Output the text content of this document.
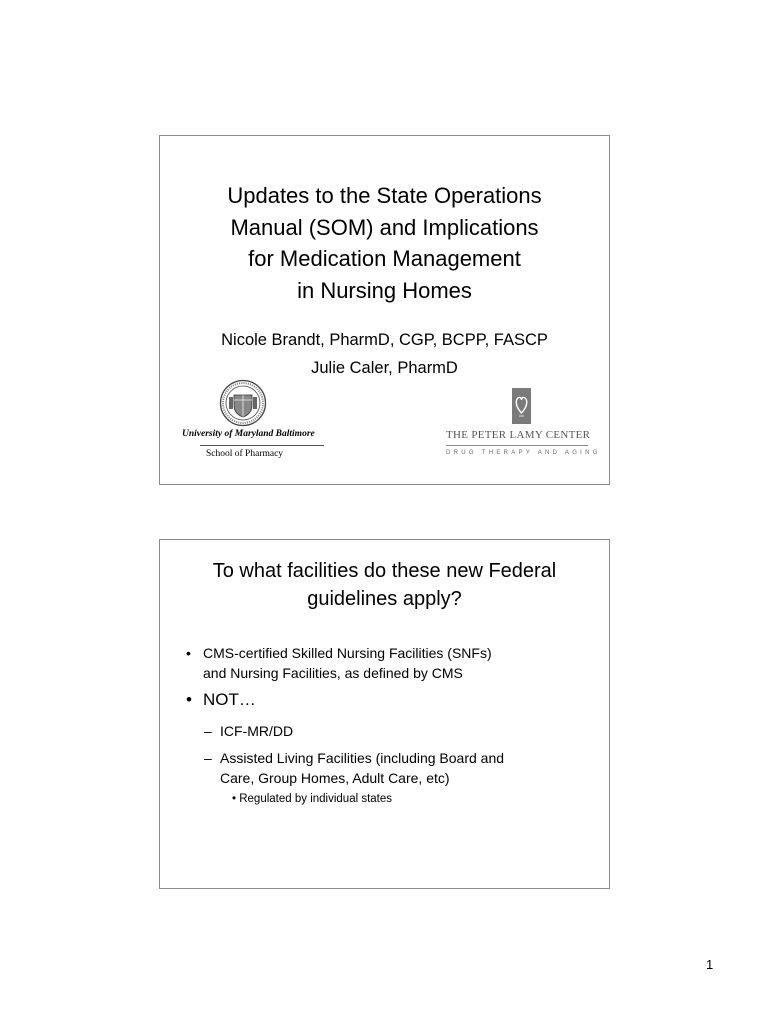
Updates to the State Operations
Manual (SOM) and Implications
for Medication Management
in Nursing Homes
Nicole Brandt, PharmD, CGP, BCPP, FASCP
Julie Caler, PharmD
University of Maryland Baltimore
School of Pharmacy
THE PETER LAMY CENTER
DRUG THERAPY AND AGING
To what facilities do these new Federal
guidelines apply?
• CMS-certified Skilled Nursing Facilities (SNFs)
and Nursing Facilities, as defined by CMS
• NOT…
– ICF-MR/DD
– Assisted Living Facilities (including Board and
Care, Group Homes, Adult Care, etc)
• Regulated by individual states
1
